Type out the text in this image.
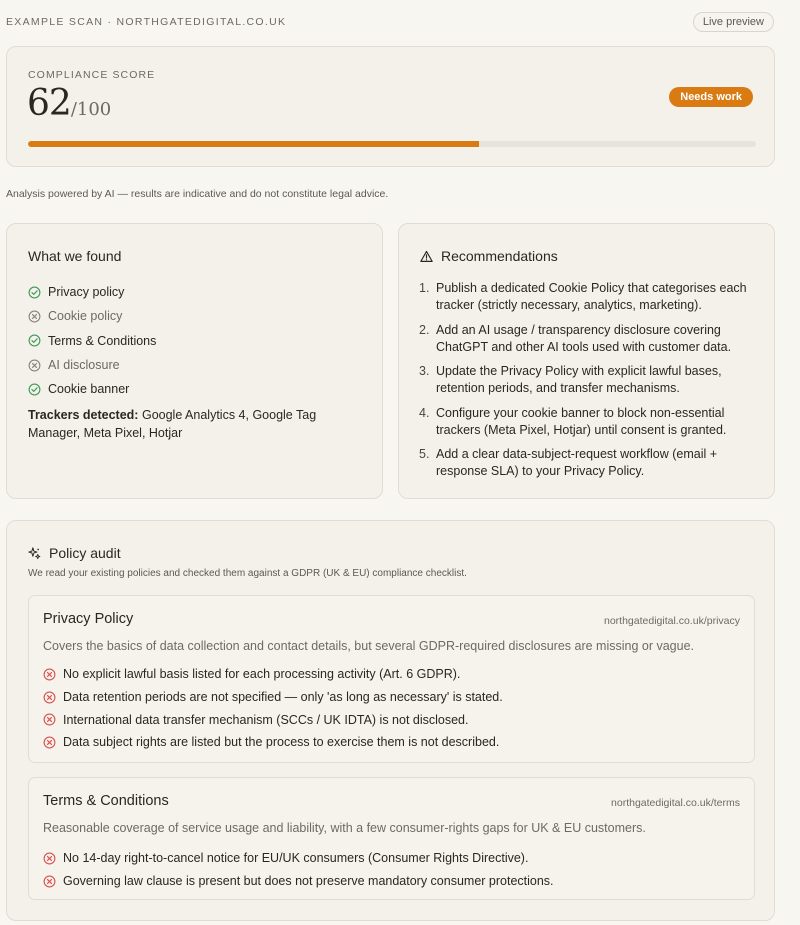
EXAMPLE SCAN · NORTHGATEDIGITAL.CO.UK	Live preview
COMPLIANCE SCORE
62/100
Needs work
Analysis powered by AI — results are indicative and do not constitute legal advice.
What we found
Privacy policy
Cookie policy
Terms & Conditions
AI disclosure
Cookie banner
Trackers detected: Google Analytics 4, Google Tag Manager, Meta Pixel, Hotjar
Recommendations
1. Publish a dedicated Cookie Policy that categorises each tracker (strictly necessary, analytics, marketing).
2. Add an AI usage / transparency disclosure covering ChatGPT and other AI tools used with customer data.
3. Update the Privacy Policy with explicit lawful bases, retention periods, and transfer mechanisms.
4. Configure your cookie banner to block non-essential trackers (Meta Pixel, Hotjar) until consent is granted.
5. Add a clear data-subject-request workflow (email + response SLA) to your Privacy Policy.
Policy audit
We read your existing policies and checked them against a GDPR (UK & EU) compliance checklist.
Privacy Policy	northgatedigital.co.uk/privacy
Covers the basics of data collection and contact details, but several GDPR-required disclosures are missing or vague.
No explicit lawful basis listed for each processing activity (Art. 6 GDPR).
Data retention periods are not specified — only 'as long as necessary' is stated.
International data transfer mechanism (SCCs / UK IDTA) is not disclosed.
Data subject rights are listed but the process to exercise them is not described.
Terms & Conditions	northgatedigital.co.uk/terms
Reasonable coverage of service usage and liability, with a few consumer-rights gaps for UK & EU customers.
No 14-day right-to-cancel notice for EU/UK consumers (Consumer Rights Directive).
Governing law clause is present but does not preserve mandatory consumer protections.
